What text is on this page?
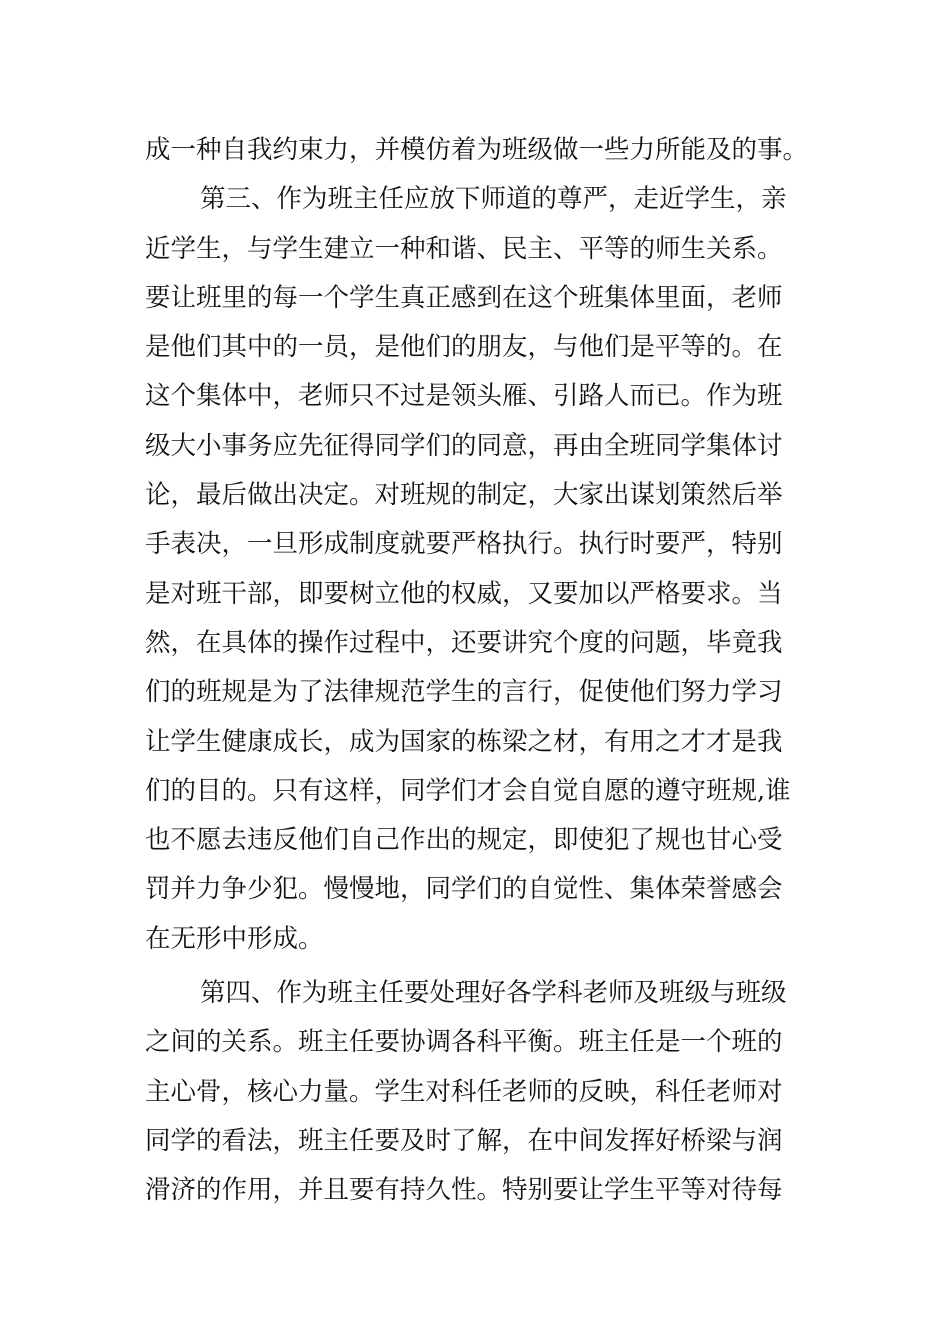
成一种自我约束力，并模仿着为班级做一些力所能及的事。
第三、作为班主任应放下师道的尊严，走近学生，亲
近学生，与学生建立一种和谐、民主、平等的师生关系。
要让班里的每一个学生真正感到在这个班集体里面，老师
是他们其中的一员，是他们的朋友，与他们是平等的。在
这个集体中，老师只不过是领头雁、引路人而已。作为班
级大小事务应先征得同学们的同意，再由全班同学集体讨
论，最后做出决定。对班规的制定，大家出谋划策然后举
手表决，一旦形成制度就要严格执行。执行时要严，特别
是对班干部，即要树立他的权威，又要加以严格要求。当
然，在具体的操作过程中，还要讲究个度的问题，毕竟我
们的班规是为了法律规范学生的言行，促使他们努力学习
让学生健康成长，成为国家的栋梁之材，有用之才才是我
们的目的。只有这样，同学们才会自觉自愿的遵守班规,谁
也不愿去违反他们自己作出的规定，即使犯了规也甘心受
罚并力争少犯。慢慢地，同学们的自觉性、集体荣誉感会
在无形中形成。
第四、作为班主任要处理好各学科老师及班级与班级
之间的关系。班主任要协调各科平衡。班主任是一个班的
主心骨，核心力量。学生对科任老师的反映，科任老师对
同学的看法，班主任要及时了解，在中间发挥好桥梁与润
滑济的作用，并且要有持久性。特别要让学生平等对待每
